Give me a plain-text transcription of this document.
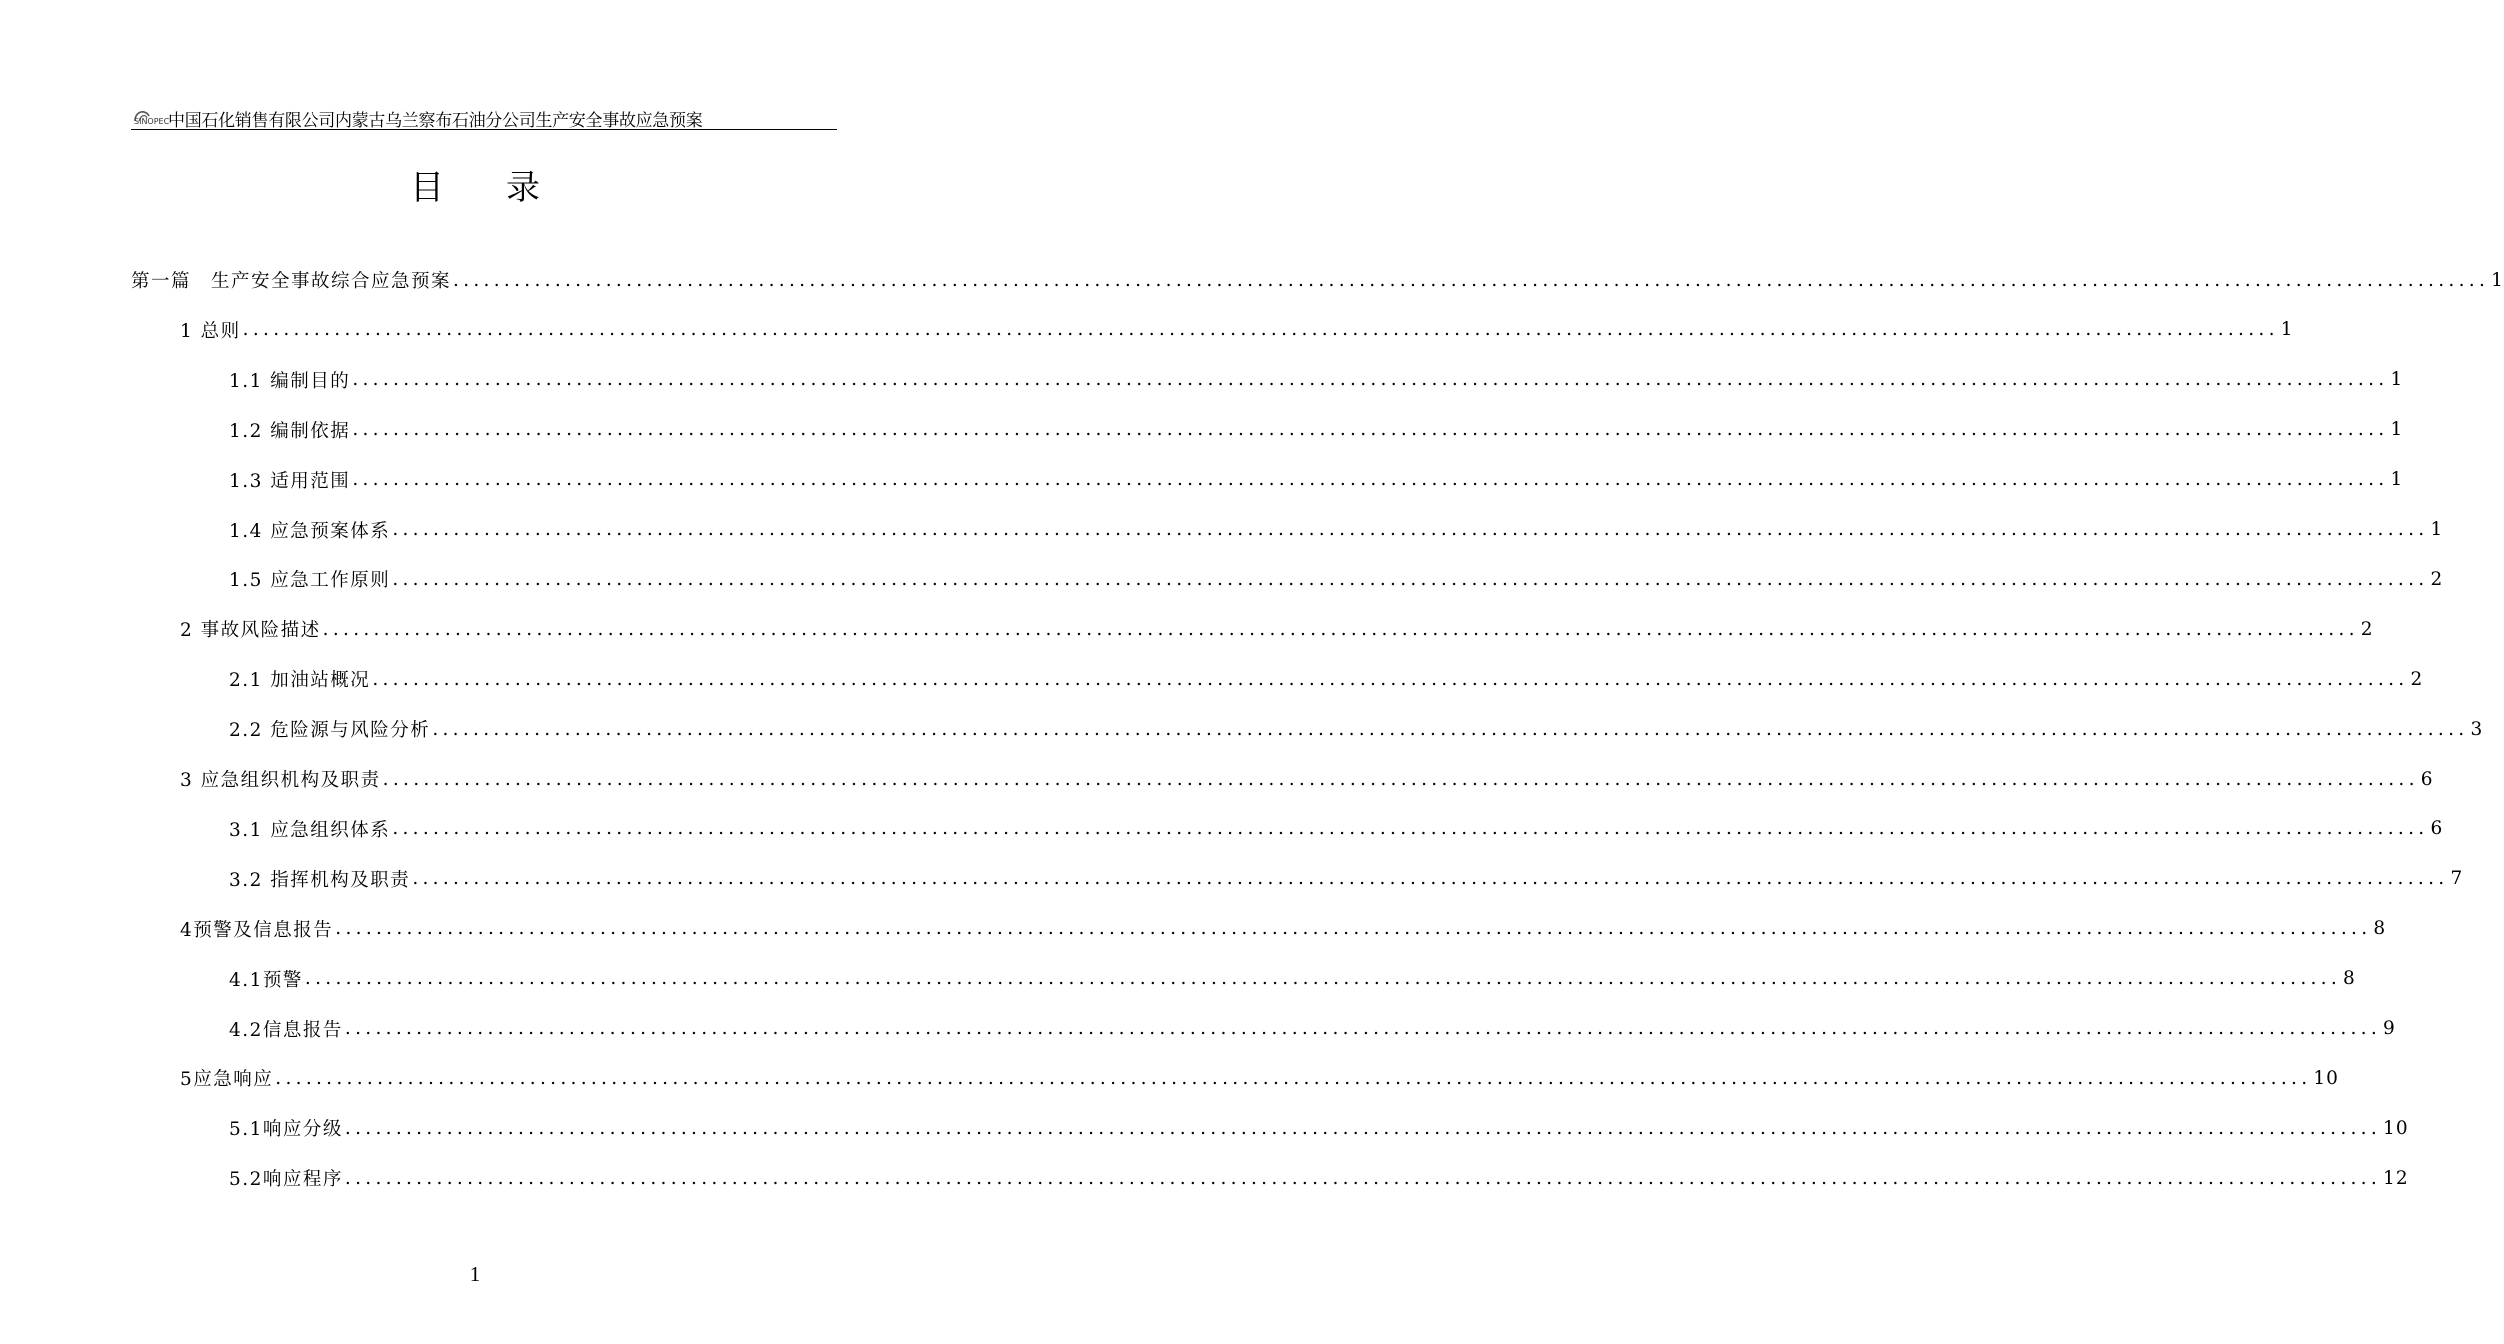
SINOPEC
中国石化销售有限公司内蒙古乌兰察布石油分公司生产安全事故应急预案
目 录
第一篇　生产安全事故综合应急预案 ........................................................................................................................................................................................................ 1
1 总则 ........................................................................................................................................................................................................ 1
1.1 编制目的 ........................................................................................................................................................................................................ 1
1.2 编制依据 ........................................................................................................................................................................................................ 1
1.3 适用范围 ........................................................................................................................................................................................................ 1
1.4 应急预案体系 ........................................................................................................................................................................................................ 1
1.5 应急工作原则 ........................................................................................................................................................................................................ 2
2 事故风险描述 ........................................................................................................................................................................................................ 2
2.1 加油站概况 ........................................................................................................................................................................................................ 2
2.2 危险源与风险分析 ........................................................................................................................................................................................................ 3
3 应急组织机构及职责 ........................................................................................................................................................................................................ 6
3.1 应急组织体系 ........................................................................................................................................................................................................ 6
3.2 指挥机构及职责 ........................................................................................................................................................................................................ 7
4预警及信息报告 ........................................................................................................................................................................................................ 8
4.1预警 ........................................................................................................................................................................................................ 8
4.2信息报告 ........................................................................................................................................................................................................ 9
5应急响应 ........................................................................................................................................................................................................ 10
5.1响应分级 ........................................................................................................................................................................................................ 10
5.2响应程序 ........................................................................................................................................................................................................ 12
1
